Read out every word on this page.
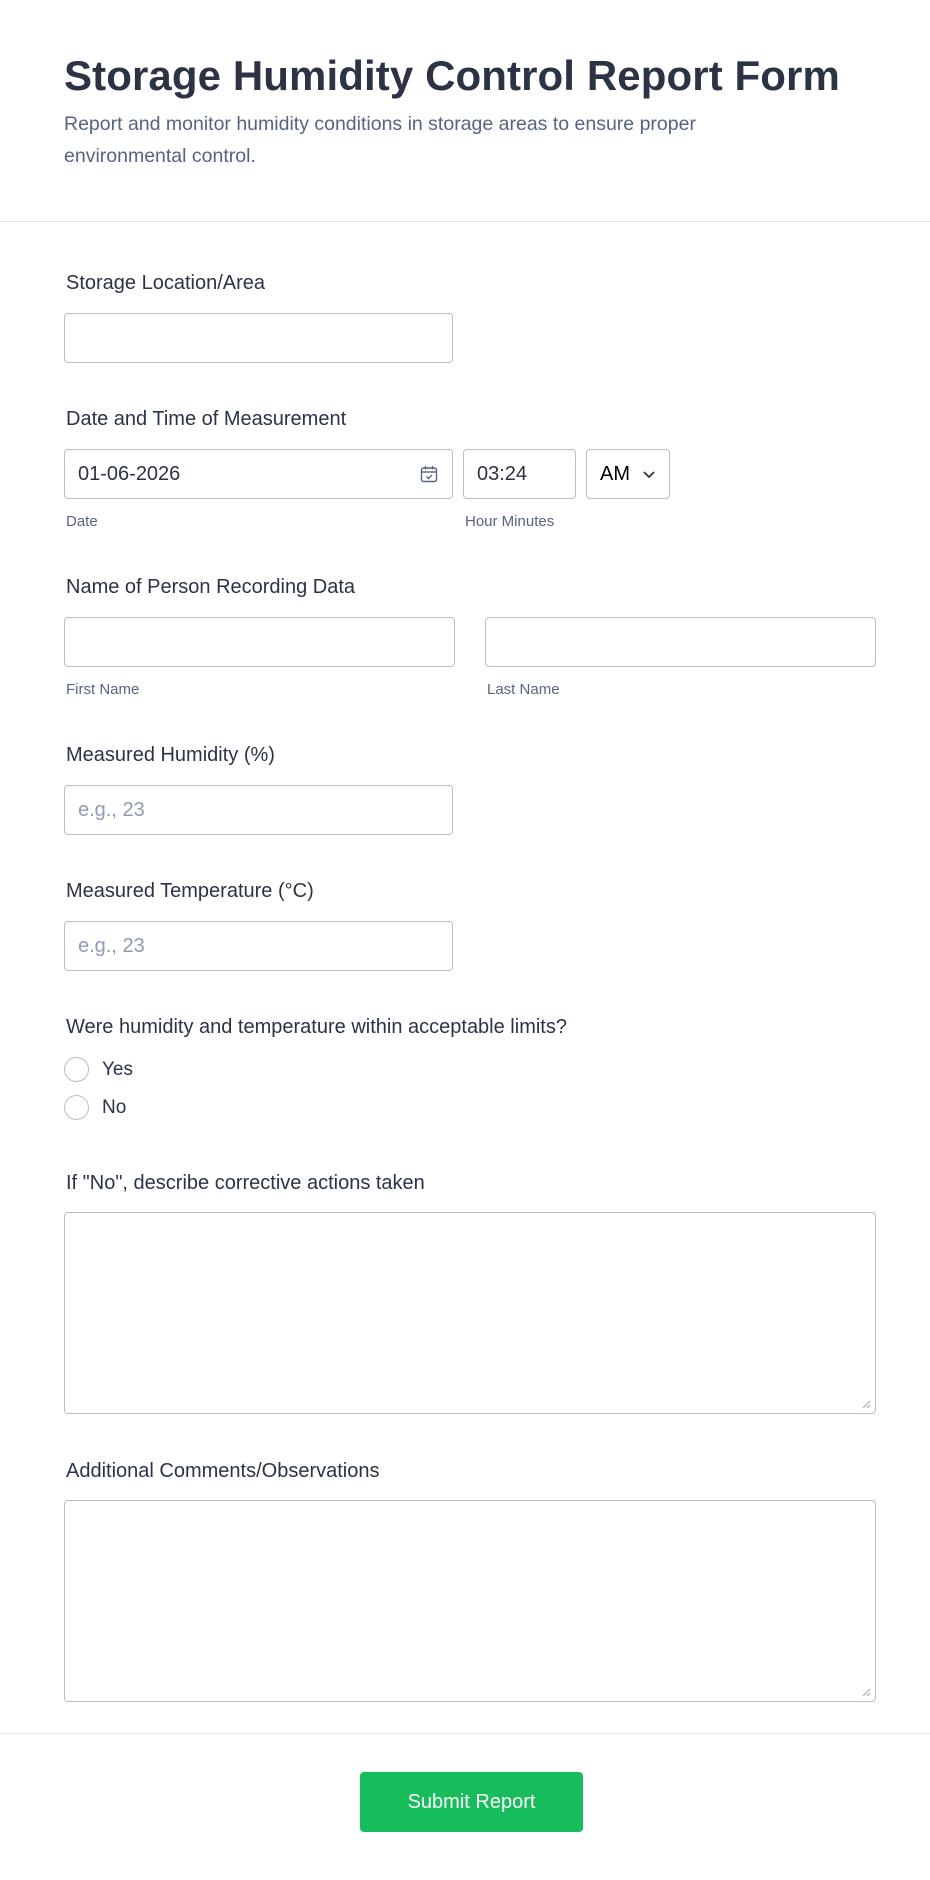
Storage Humidity Control Report Form
Report and monitor humidity conditions in storage areas to ensure proper environmental control.
Storage Location/Area
Date and Time of Measurement
01-06-2026	03:24	AM
Date	Hour Minutes
Name of Person Recording Data
First Name	Last Name
Measured Humidity (%)
e.g., 23
Measured Temperature (°C)
e.g., 23
Were humidity and temperature within acceptable limits?
Yes
No
If "No", describe corrective actions taken
Additional Comments/Observations
Submit Report
